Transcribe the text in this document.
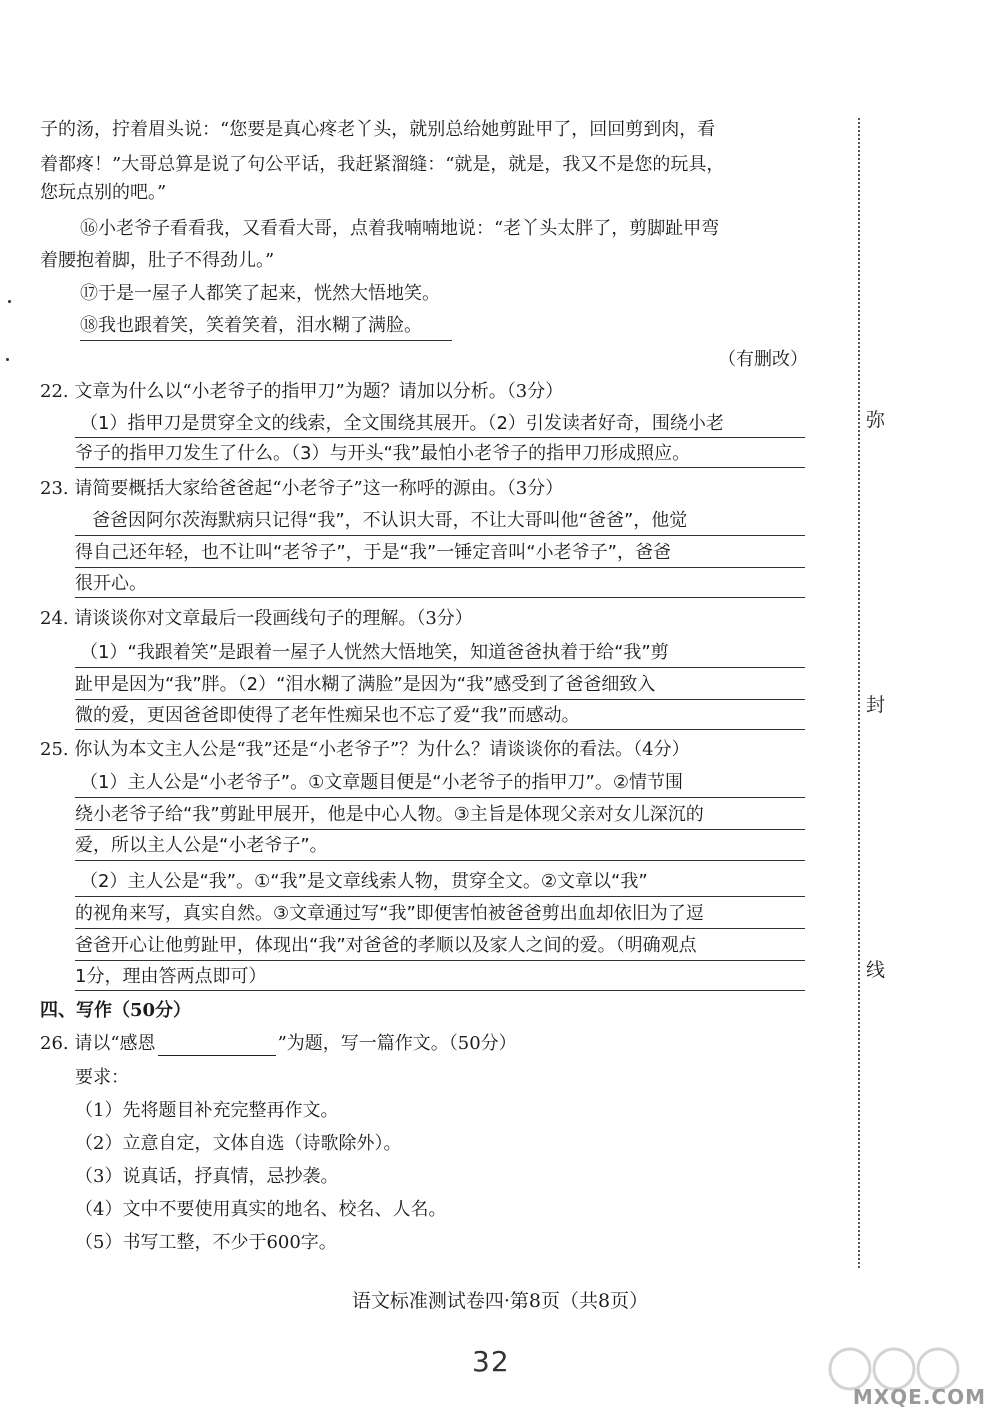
子的汤，拧着眉头说：“您要是真心疼老丫头，就别总给她剪趾甲了，回回剪到肉，看
着都疼！”大哥总算是说了句公平话，我赶紧溜缝：“就是，就是，我又不是您的玩具，
您玩点别的吧。”
⑯小老爷子看看我，又看看大哥，点着我喃喃地说：“老丫头太胖了，剪脚趾甲弯
着腰抱着脚，肚子不得劲儿。”
⑰于是一屋子人都笑了起来，恍然大悟地笑。
⑱我也跟着笑，笑着笑着，泪水糊了满脸。
（有删改）
22. 文章为什么以“小老爷子的指甲刀”为题？请加以分析。（3分）
（1）指甲刀是贯穿全文的线索，全文围绕其展开。（2）引发读者好奇，围绕小老
爷子的指甲刀发生了什么。（3）与开头“我”最怕小老爷子的指甲刀形成照应。
23. 请简要概括大家给爸爸起“小老爷子”这一称呼的源由。（3分）
爸爸因阿尔茨海默病只记得“我”，不认识大哥，不让大哥叫他“爸爸”，他觉
得自己还年轻，也不让叫“老爷子”，于是“我”一锤定音叫“小老爷子”，爸爸
很开心。
24. 请谈谈你对文章最后一段画线句子的理解。（3分）
（1）“我跟着笑”是跟着一屋子人恍然大悟地笑，知道爸爸执着于给“我”剪
趾甲是因为“我”胖。（2）“泪水糊了满脸”是因为“我”感受到了爸爸细致入
微的爱，更因爸爸即使得了老年性痴呆也不忘了爱“我”而感动。
25. 你认为本文主人公是“我”还是“小老爷子”？为什么？请谈谈你的看法。（4分）
（1）主人公是“小老爷子”。①文章题目便是“小老爷子的指甲刀”。②情节围
绕小老爷子给“我”剪趾甲展开，他是中心人物。③主旨是体现父亲对女儿深沉的
爱，所以主人公是“小老爷子”。
（2）主人公是“我”。①“我”是文章线索人物，贯穿全文。②文章以“我”
的视角来写，真实自然。③文章通过写“我”即便害怕被爸爸剪出血却依旧为了逗
爸爸开心让他剪趾甲，体现出“我”对爸爸的孝顺以及家人之间的爱。（明确观点
1分，理由答两点即可）
四、写作（50分）
26. 请以“感恩	”为题，写一篇作文。（50分）
要求：
（1）先将题目补充完整再作文。
（2）立意自定，文体自选（诗歌除外）。
（3）说真话，抒真情，忌抄袭。
（4）文中不要使用真实的地名、校名、人名。
（5）书写工整，不少于600字。
语文标准测试卷四·第8页（共8页）
32
弥
封
线
MXQE.COM
